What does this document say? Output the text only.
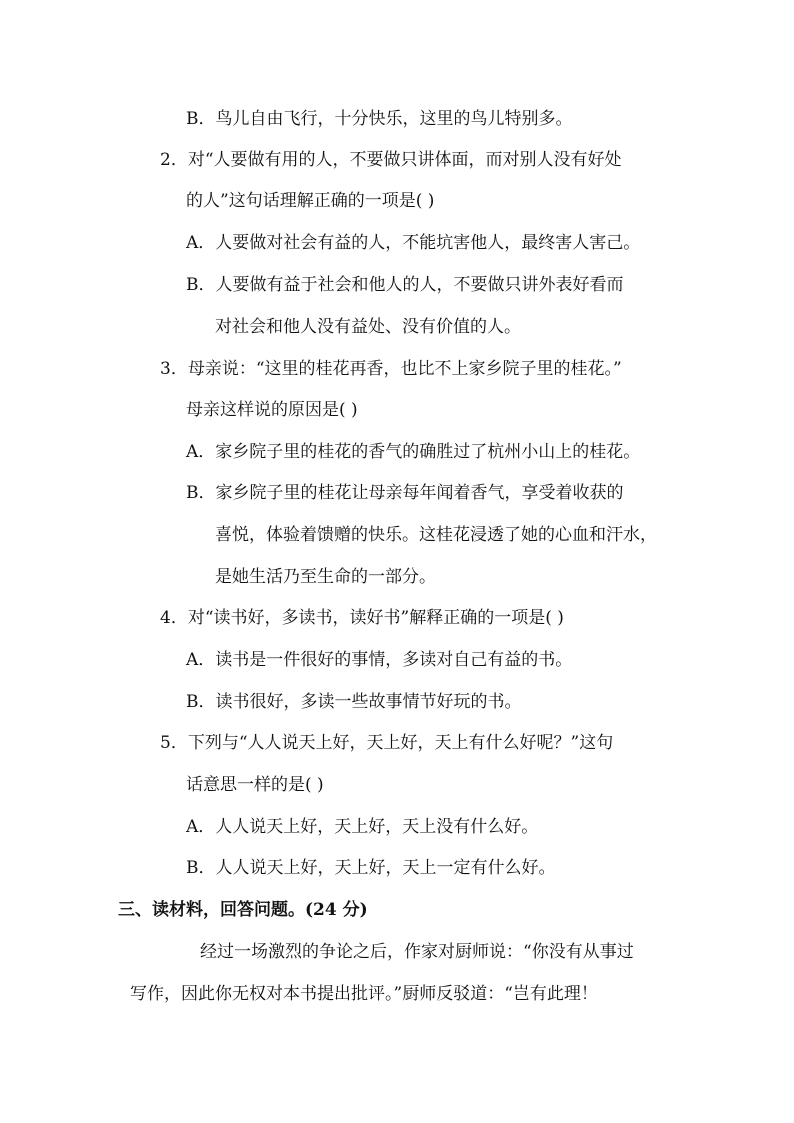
B．鸟儿自由飞行，十分快乐，这里的鸟儿特别多。
2．对“人要做有用的人，不要做只讲体面，而对别人没有好处
的人”这句话理解正确的一项是( )
A．人要做对社会有益的人，不能坑害他人，最终害人害己。
B．人要做有益于社会和他人的人，不要做只讲外表好看而
对社会和他人没有益处、没有价值的人。
3．母亲说：“这里的桂花再香，也比不上家乡院子里的桂花。”
母亲这样说的原因是( )
A．家乡院子里的桂花的香气的确胜过了杭州小山上的桂花。
B．家乡院子里的桂花让母亲每年闻着香气，享受着收获的
喜悦，体验着馈赠的快乐。这桂花浸透了她的心血和汗水，
是她生活乃至生命的一部分。
4．对“读书好，多读书，读好书”解释正确的一项是( )
A．读书是一件很好的事情，多读对自己有益的书。
B．读书很好，多读一些故事情节好玩的书。
5．下列与“人人说天上好，天上好，天上有什么好呢？”这句
话意思一样的是( )
A．人人说天上好，天上好，天上没有什么好。
B．人人说天上好，天上好，天上一定有什么好。
三、读材料，回答问题。(24 分)
经过一场激烈的争论之后，作家对厨师说：“你没有从事过
写作，因此你无权对本书提出批评。”厨师反驳道：“岂有此理！
